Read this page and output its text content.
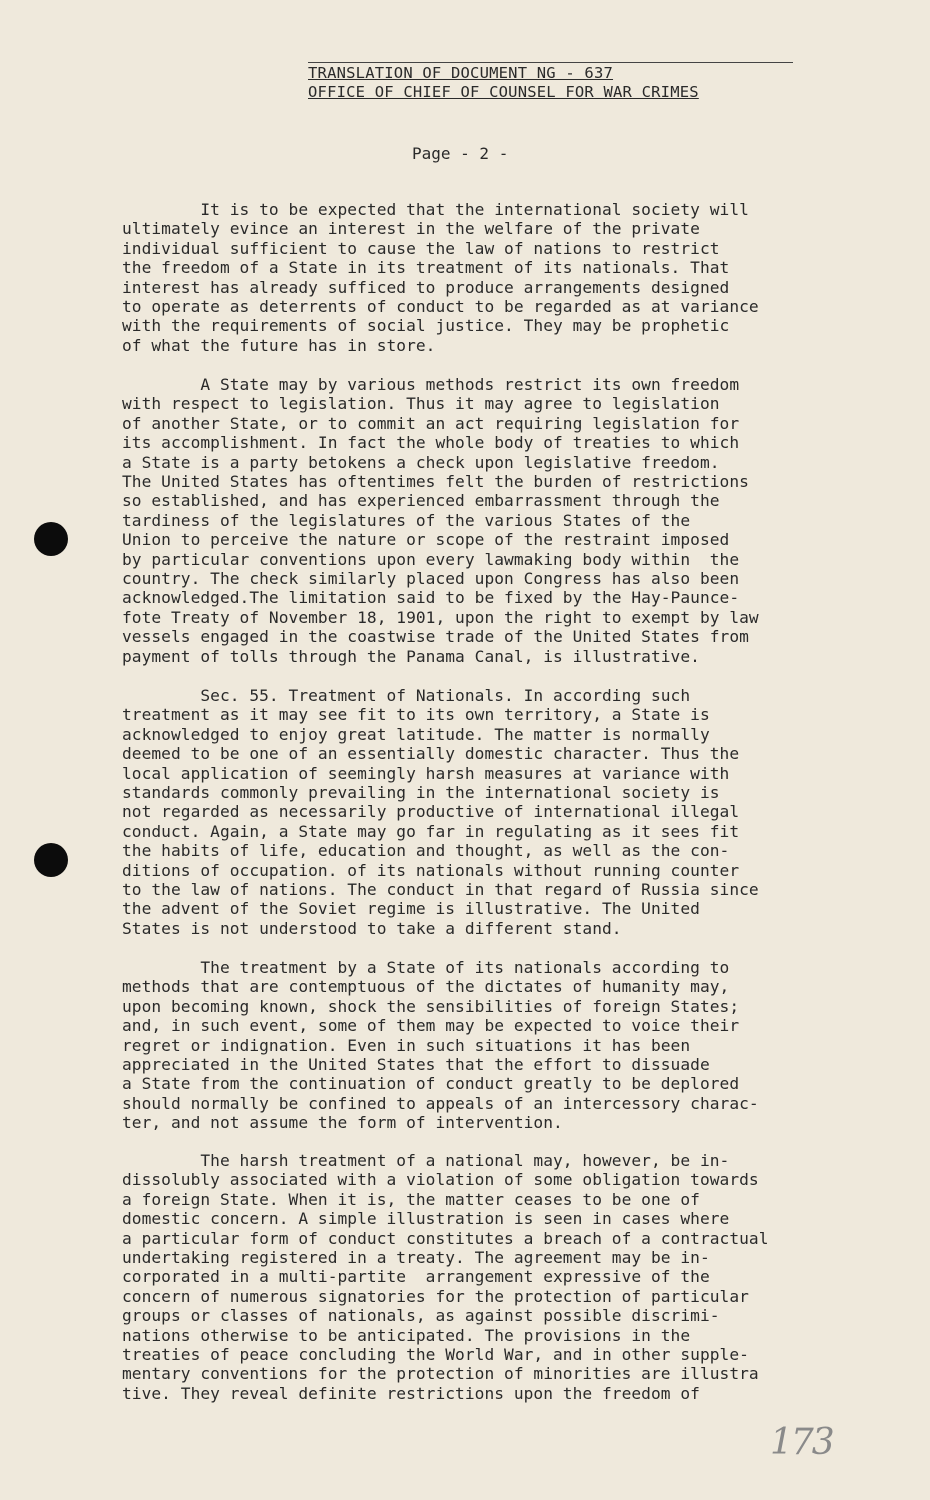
TRANSLATION OF DOCUMENT NG - 637
OFFICE OF CHIEF OF COUNSEL FOR WAR CRIMES
Page - 2 -

It is to be expected that the international society will
ultimately evince an interest in the welfare of the private
individual sufficient to cause the law of nations to restrict
the freedom of a State in its treatment of its nationals. That
interest has already sufficed to produce arrangements designed
to operate as deterrents of conduct to be regarded as at variance
with the requirements of social justice. They may be prophetic
of what the future has in store.

A State may by various methods restrict its own freedom
with respect to legislation. Thus it may agree to legislation
of another State, or to commit an act requiring legislation for
its accomplishment. In fact the whole body of treaties to which
a State is a party betokens a check upon legislative freedom.
The United States has oftentimes felt the burden of restrictions
so established, and has experienced embarrassment through the
tardiness of the legislatures of the various States of the
Union to perceive the nature or scope of the restraint imposed
by particular conventions upon every lawmaking body within  the
country. The check similarly placed upon Congress has also been
acknowledged.The limitation said to be fixed by the Hay-Paunce-
fote Treaty of November 18, 1901, upon the right to exempt by law
vessels engaged in the coastwise trade of the United States from
payment of tolls through the Panama Canal, is illustrative.

Sec. 55. Treatment of Nationals. In according such
treatment as it may see fit to its own territory, a State is
acknowledged to enjoy great latitude. The matter is normally
deemed to be one of an essentially domestic character. Thus the
local application of seemingly harsh measures at variance with
standards commonly prevailing in the international society is
not regarded as necessarily productive of international illegal
conduct. Again, a State may go far in regulating as it sees fit
the habits of life, education and thought, as well as the con-
ditions of occupation. of its nationals without running counter
to the law of nations. The conduct in that regard of Russia since
the advent of the Soviet regime is illustrative. The United
States is not understood to take a different stand.

The treatment by a State of its nationals according to
methods that are contemptuous of the dictates of humanity may,
upon becoming known, shock the sensibilities of foreign States;
and, in such event, some of them may be expected to voice their
regret or indignation. Even in such situations it has been
appreciated in the United States that the effort to dissuade
a State from the continuation of conduct greatly to be deplored
should normally be confined to appeals of an intercessory charac-
ter, and not assume the form of intervention.

The harsh treatment of a national may, however, be in-
dissolubly associated with a violation of some obligation towards
a foreign State. When it is, the matter ceases to be one of
domestic concern. A simple illustration is seen in cases where
a particular form of conduct constitutes a breach of a contractual
undertaking registered in a treaty. The agreement may be in-
corporated in a multi-partite  arrangement expressive of the
concern of numerous signatories for the protection of particular
groups or classes of nationals, as against possible discrimi-
nations otherwise to be anticipated. The provisions in the
treaties of peace concluding the World War, and in other supple-
mentary conventions for the protection of minorities are illustra
tive. They reveal definite restrictions upon the freedom of

173
